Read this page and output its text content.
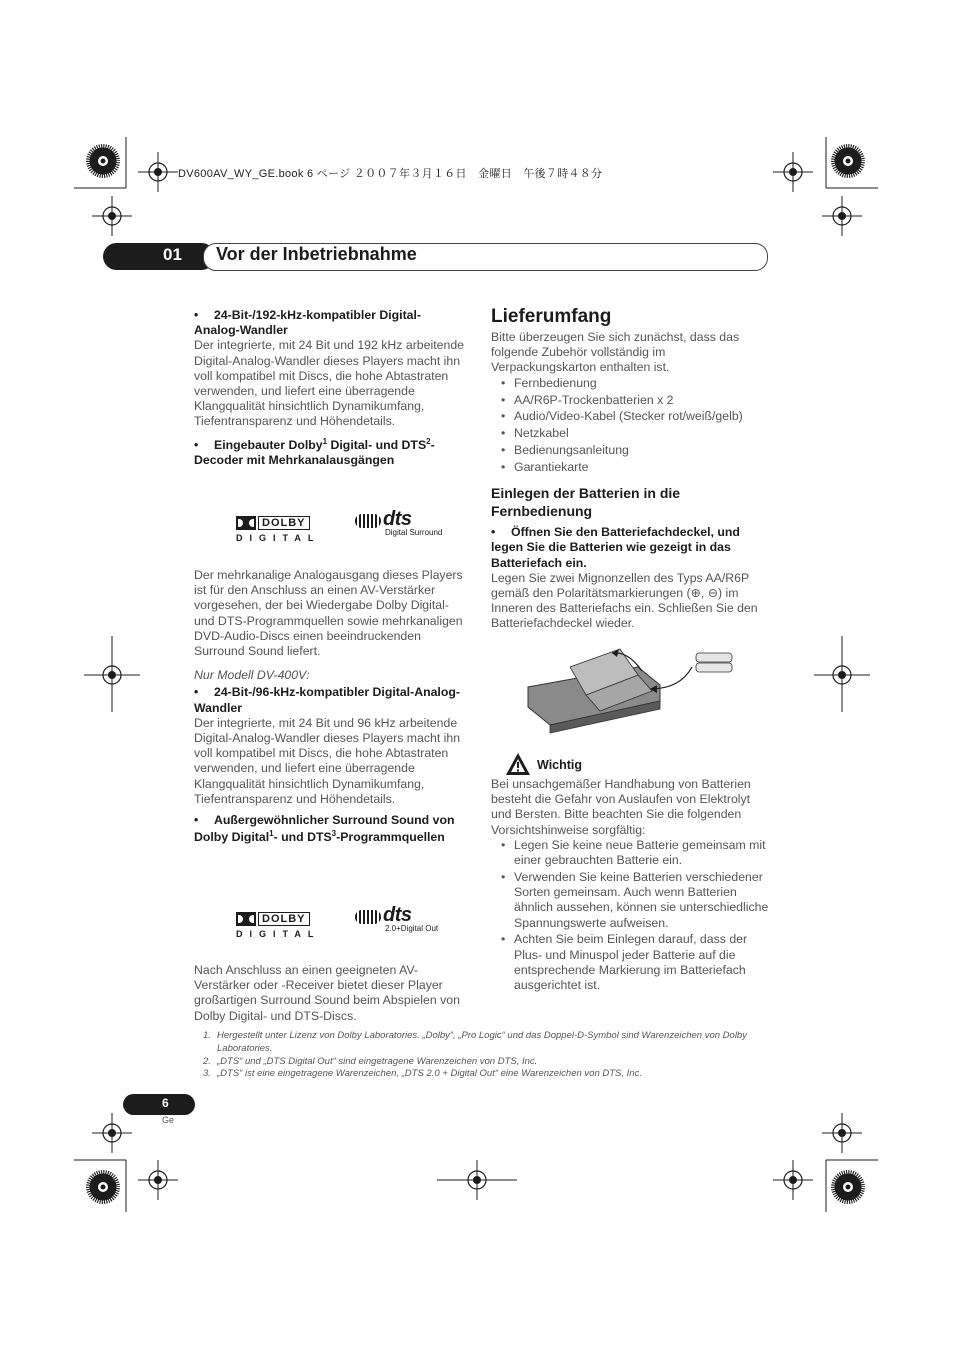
DV600AV_WY_GE.book 6 ページ ２００７年３月１６日　金曜日　午後７時４８分
01 Vor der Inbetriebnahme

• 24-Bit-/192-kHz-kompatibler Digital-Analog-Wandler

Der integrierte, mit 24 Bit und 192 kHz arbeitende Digital-Analog-Wandler dieses Players macht ihn voll kompatibel mit Discs, die hohe Abtastraten verwenden, und liefert eine überragende Klangqualität hinsichtlich Dynamikumfang, Tiefentransparenz und Höhendetails.

• Eingebauter Dolby$^1$ Digital- und DTS$^2$-Decoder mit Mehrkanalausgängen

DOLBY
DIGITAL
dts
Digital Surround

Der mehrkanalige Analogausgang dieses Players ist für den Anschluss an einen AV-Verstärker vorgesehen, der bei Wiedergabe Dolby Digital- und DTS-Programmquellen sowie mehrkanaligen DVD-Audio-Discs einen beeindruckenden Surround Sound liefert.

Nur Modell DV-400V:

• 24-Bit-/96-kHz-kompatibler Digital-Analog-Wandler

Der integrierte, mit 24 Bit und 96 kHz arbeitende Digital-Analog-Wandler dieses Players macht ihn voll kompatibel mit Discs, die hohe Abtastraten verwenden, und liefert eine überragende Klangqualität hinsichtlich Dynamikumfang, Tiefentransparenz und Höhendetails.

• Außergewöhnlicher Surround Sound von Dolby Digital$^1$- und DTS$^3$-Programmquellen

DOLBY
DIGITAL
dts
2.0+Digital Out

Nach Anschluss an einen geeigneten AV-Verstärker oder -Receiver bietet dieser Player großartigen Surround Sound beim Abspielen von Dolby Digital- und DTS-Discs.

Lieferumfang

Bitte überzeugen Sie sich zunächst, dass das folgende Zubehör vollständig im Verpackungskarton enthalten ist.

• Fernbedienung
• AA/R6P-Trockenbatterien x 2
• Audio/Video-Kabel (Stecker rot/weiß/gelb)
• Netzkabel
• Bedienungsanleitung
• Garantiekarte
Einlegen der Batterien in die Fernbedienung

• Öffnen Sie den Batteriefachdeckel, und legen Sie die Batterien wie gezeigt in das Batteriefach ein.

Legen Sie zwei Mignonzellen des Typs AA/R6P gemäß den Polaritätsmarkierungen (⊕, ⊖) im Inneren des Batteriefachs ein. Schließen Sie den Batteriefachdeckel wieder.

Wichtig

Bei unsachgemäßer Handhabung von Batterien besteht die Gefahr von Auslaufen von Elektrolyt und Bersten. Bitte beachten Sie die folgenden Vorsichtshinweise sorgfältig:

• Legen Sie keine neue Batterie gemeinsam mit einer gebrauchten Batterie ein.
• Verwenden Sie keine Batterien verschiedener Sorten gemeinsam. Auch wenn Batterien ähnlich aussehen, können sie unterschiedliche Spannungswerte aufweisen.
• Achten Sie beim Einlegen darauf, dass der Plus- und Minuspol jeder Batterie auf die entsprechende Markierung im Batteriefach ausgerichtet ist.
1. Hergestellt unter Lizenz von Dolby Laboratories. „Dolby“, „Pro Logic“ und das Doppel-D-Symbol sind Warenzeichen von Dolby Laboratories.
2. „DTS“ und „DTS Digital Out“ sind eingetragene Warenzeichen von DTS, Inc.
3. „DTS“ ist eine eingetragene Warenzeichen, „DTS 2.0 + Digital Out“ eine Warenzeichen von DTS, Inc.
6
Ge
